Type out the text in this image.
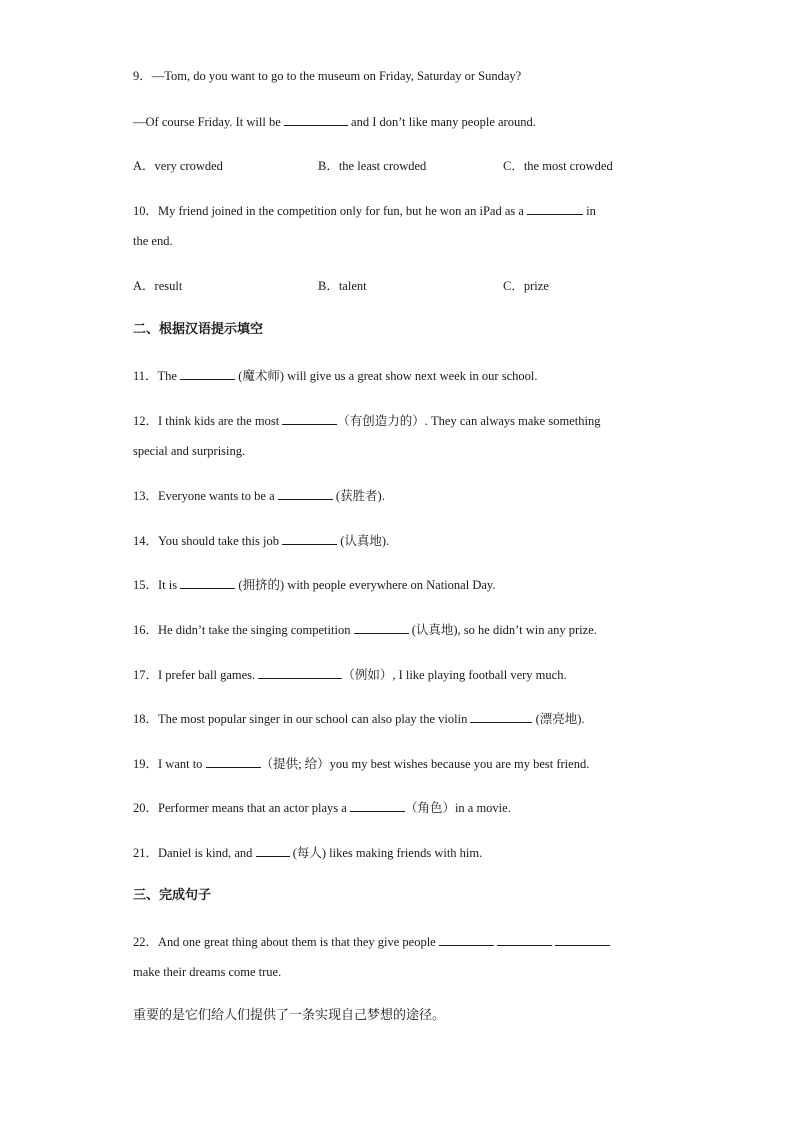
9．—Tom, do you want to go to the museum on Friday, Saturday or Sunday?
—Of course Friday. It will be	and I don’t like many people around.
A．very crowded	B．the least crowded	C．the most crowded
10．My friend joined in the competition only for fun, but he won an iPad as a	in
the end.
A．result	B．talent	C．prize
二、根据汉语提示填空
11．The	(魔术师) will give us a great show next week in our school.
12．I think kids are the most	（有创造力的）. They can always make something
special and surprising.
13．Everyone wants to be a	(获胜者).
14．You should take this job	(认真地).
15．It is	(拥挤的) with people everywhere on National Day.
16．He didn’t take the singing competition	(认真地), so he didn’t win any prize.
17．I prefer ball games.	（例如）, I like playing football very much.
18．The most popular singer in our school can also play the violin	(漂亮地).
19．I want to	（提供; 给）you my best wishes because you are my best friend.
20．Performer means that an actor plays a	（角色）in a movie.
21．Daniel is kind, and	(每人) likes making friends with him.
三、完成句子
22．And one great thing about them is that they give people
make their dreams come true.
重要的是它们给人们提供了一条实现自己梦想的途径。
